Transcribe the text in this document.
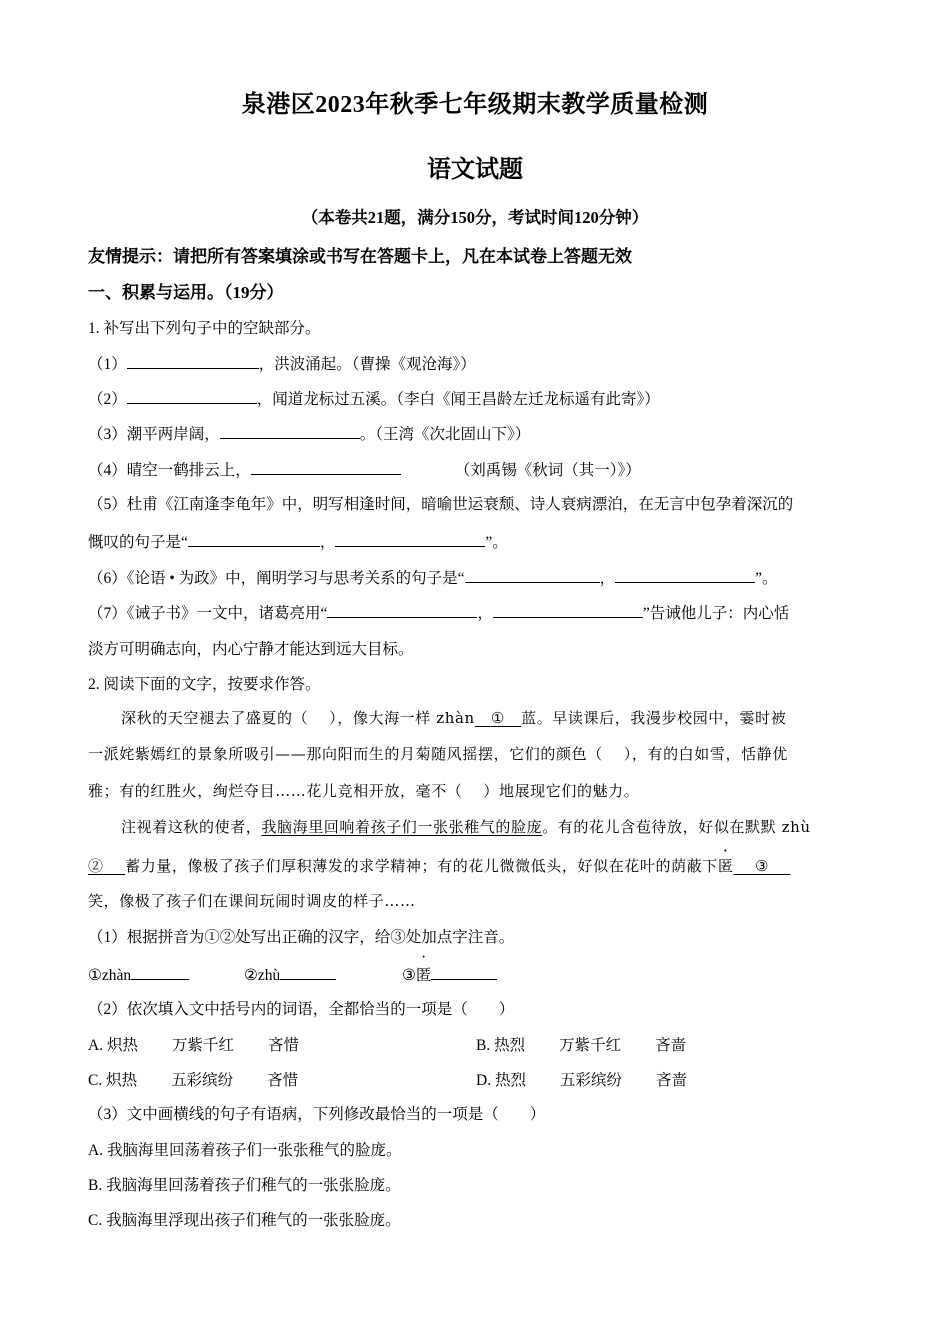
泉港区2023年秋季七年级期末教学质量检测
语文试题
（本卷共21题，满分150分，考试时间120分钟）
友情提示：请把所有答案填涂或书写在答题卡上，凡在本试卷上答题无效
一、积累与运用。（19分）
1. 补写出下列句子中的空缺部分。
（1）	，洪波涌起。（曹操《观沧海》）
（2）	，闻道龙标过五溪。（李白《闻王昌龄左迁龙标遥有此寄》）
（3）潮平两岸阔，	。（王湾《次北固山下》）
（4）晴空一鹤排云上，	（刘禹锡《秋词（其一）》）
（5）杜甫《江南逢李龟年》中，明写相逢时间，暗喻世运衰颓、诗人衰病漂泊，在无言中包孕着深沉的
慨叹的句子是“	，	”。
（6）《论语 • 为政》中，阐明学习与思考关系的句子是“	，	”。
（7）《诫子书》一文中，诸葛亮用“	，	”告诫他儿子：内心恬
淡方可明确志向，内心宁静才能达到远大目标。
2. 阅读下面的文字，按要求作答。
深秋的天空褪去了盛夏的（　 ），像大海一样 zhàn ① 蓝。早读课后，我漫步校园中，霎时被
一派姹紫嫣红的景象所吸引——那向阳而生的月菊随风摇摆，它们的颜色（　 ），有的白如雪，恬静优
雅；有的红胜火，绚烂夺目……花儿竞相开放，毫不（　 ）地展现它们的魅力。
注视着这秋的使者，我脑海里回响着孩子们一张张稚气的脸庞。有的花儿含苞待放，好似在默默 zhù
② 蓄力量，像极了孩子们厚积薄发的求学精神；有的花儿微微低头，好似在花叶的荫蔽下匿 ③
笑，像极了孩子们在课间玩闹时调皮的样子……
（1）根据拼音为①②处写出正确的汉字，给③处加点字注音。
①zhàn	②zhù	③匿
（2）依次填入文中括号内的词语，全都恰当的一项是（　　）
A. 炽热 万紫千红 吝惜	B. 热烈 万紫千红 吝啬
C. 炽热 五彩缤纷 吝惜	D. 热烈 五彩缤纷 吝啬
（3）文中画横线的句子有语病，下列修改最恰当的一项是（　　）
A. 我脑海里回荡着孩子们一张张稚气的脸庞。
B. 我脑海里回荡着孩子们稚气的一张张脸庞。
C. 我脑海里浮现出孩子们稚气的一张张脸庞。
